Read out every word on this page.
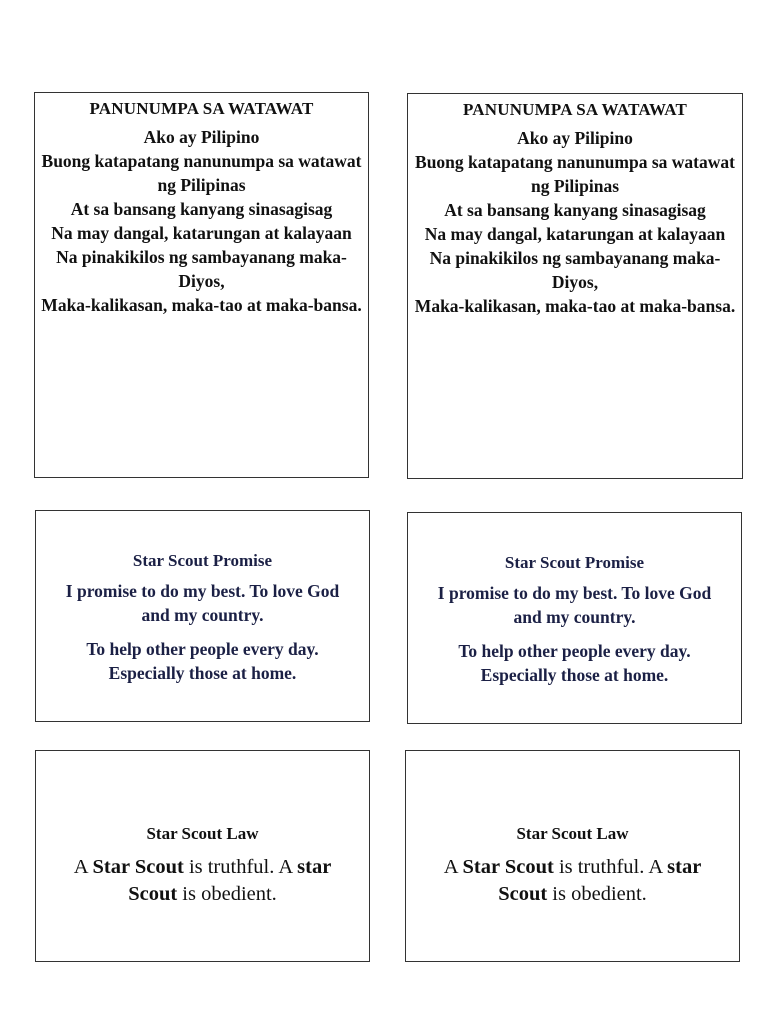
PANUNUMPA SA WATAWAT
Ako ay Pilipino
Buong katapatang nanunumpa sa watawat ng Pilipinas
At sa bansang kanyang sinasagisag
Na may dangal, katarungan at kalayaan
Na pinakikilos ng sambayanang maka-Diyos,
Maka-kalikasan, maka-tao at maka-bansa.
PANUNUMPA SA WATAWAT
Ako ay Pilipino
Buong katapatang nanunumpa sa watawat ng Pilipinas
At sa bansang kanyang sinasagisag
Na may dangal, katarungan at kalayaan
Na pinakikilos ng sambayanang maka-Diyos,
Maka-kalikasan, maka-tao at maka-bansa.
Star Scout Promise

I promise to do my best. To love God and my country.

To help other people every day. Especially those at home.

Star Scout Promise

I promise to do my best. To love God and my country.

To help other people every day. Especially those at home.

Star Scout Law
A Star Scout is truthful. A star Scout is obedient.
Star Scout Law
A Star Scout is truthful. A star Scout is obedient.
